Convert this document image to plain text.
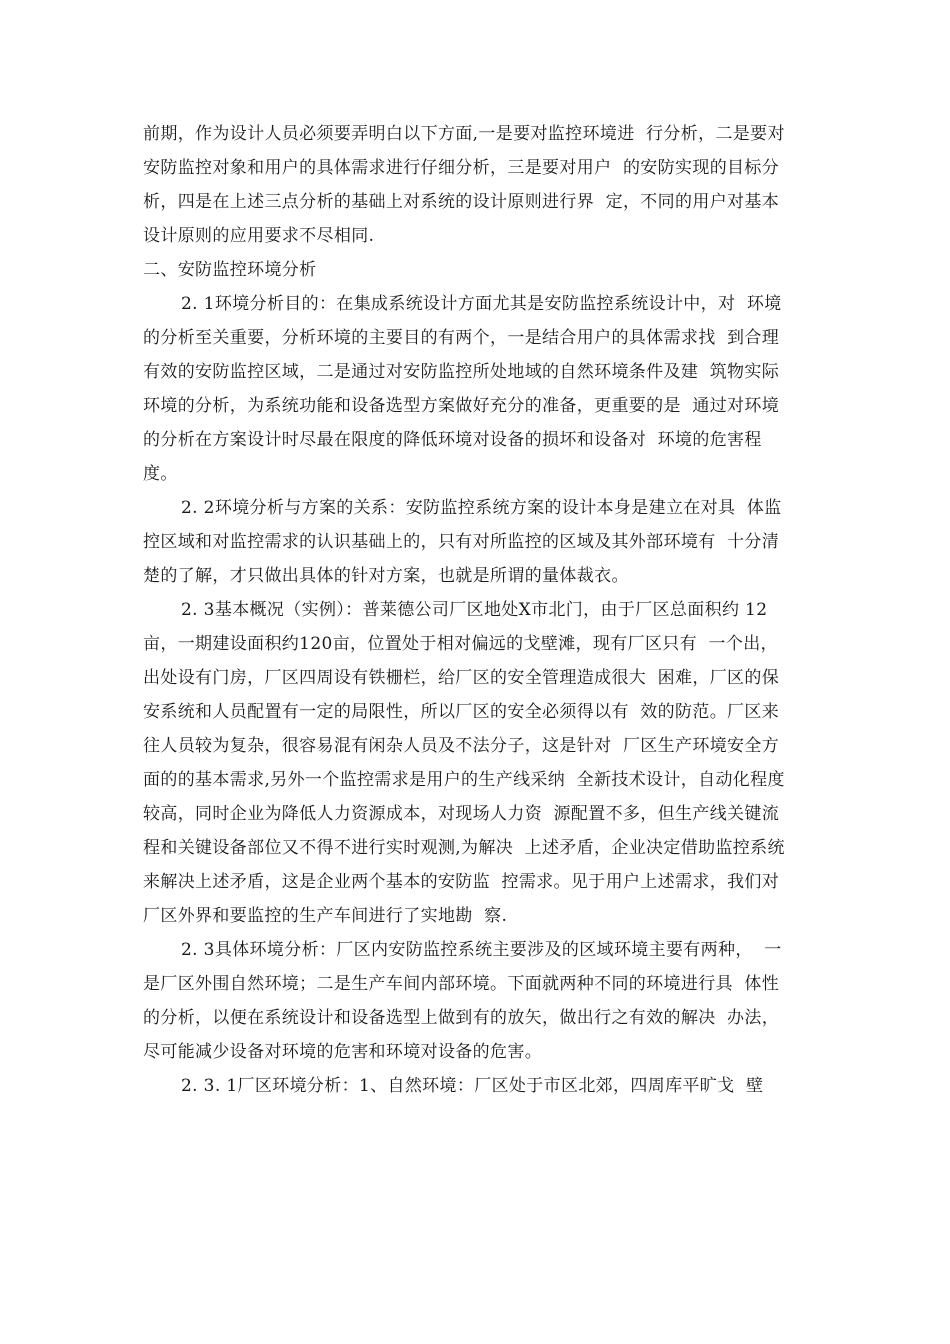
前期，作为设计人员必须要弄明白以下方面,一是要对监控环境进  行分析，二是要对
安防监控对象和用户的具体需求进行仔细分析，三是要对用户  的安防实现的目标分
析，四是在上述三点分析的基础上对系统的设计原则进行界  定，不同的用户对基本
设计原则的应用要求不尽相同.
二、安防监控环境分析
2. 1环境分析目的：在集成系统设计方面尤其是安防监控系统设计中，对  环境
的分析至关重要，分析环境的主要目的有两个，一是结合用户的具体需求找  到合理
有效的安防监控区域，二是通过对安防监控所处地域的自然环境条件及建  筑物实际
环境的分析，为系统功能和设备选型方案做好充分的准备，更重要的是  通过对环境
的分析在方案设计时尽最在限度的降低环境对设备的损坏和设备对  环境的危害程
度。
2. 2环境分析与方案的关系：安防监控系统方案的设计本身是建立在对具  体监
控区域和对监控需求的认识基础上的，只有对所监控的区域及其外部环境有  十分清
楚的了解，才只做出具体的针对方案，也就是所谓的量体裁衣。
2. 3基本概况（实例）：普莱德公司厂区地处X市北门，由于厂区总面积约 12
亩，一期建设面积约120亩，位置处于相对偏远的戈壁滩，现有厂区只有  一个出，
出处设有门房，厂区四周设有铁栅栏，给厂区的安全管理造成很大  困难，厂区的保
安系统和人员配置有一定的局限性，所以厂区的安全必须得以有  效的防范。厂区来
往人员较为复杂，很容易混有闲杂人员及不法分子，这是针对  厂区生产环境安全方
面的的基本需求,另外一个监控需求是用户的生产线采纳  全新技术设计，自动化程度
较高，同时企业为降低人力资源成本，对现场人力资  源配置不多，但生产线关键流
程和关键设备部位又不得不进行实时观测,为解决  上述矛盾，企业决定借助监控系统
来解决上述矛盾，这是企业两个基本的安防监  控需求。见于用户上述需求，我们对
厂区外界和要监控的生产车间进行了实地勘  察.
2. 3具体环境分析：厂区内安防监控系统主要涉及的区域环境主要有两种，  一
是厂区外围自然环境；二是生产车间内部环境。下面就两种不同的环境进行具  体性
的分析，以便在系统设计和设备选型上做到有的放矢，做出行之有效的解决  办法，
尽可能减少设备对环境的危害和环境对设备的危害。
2. 3. 1厂区环境分析：1、自然环境：厂区处于市区北郊，四周库平旷戈  壁
